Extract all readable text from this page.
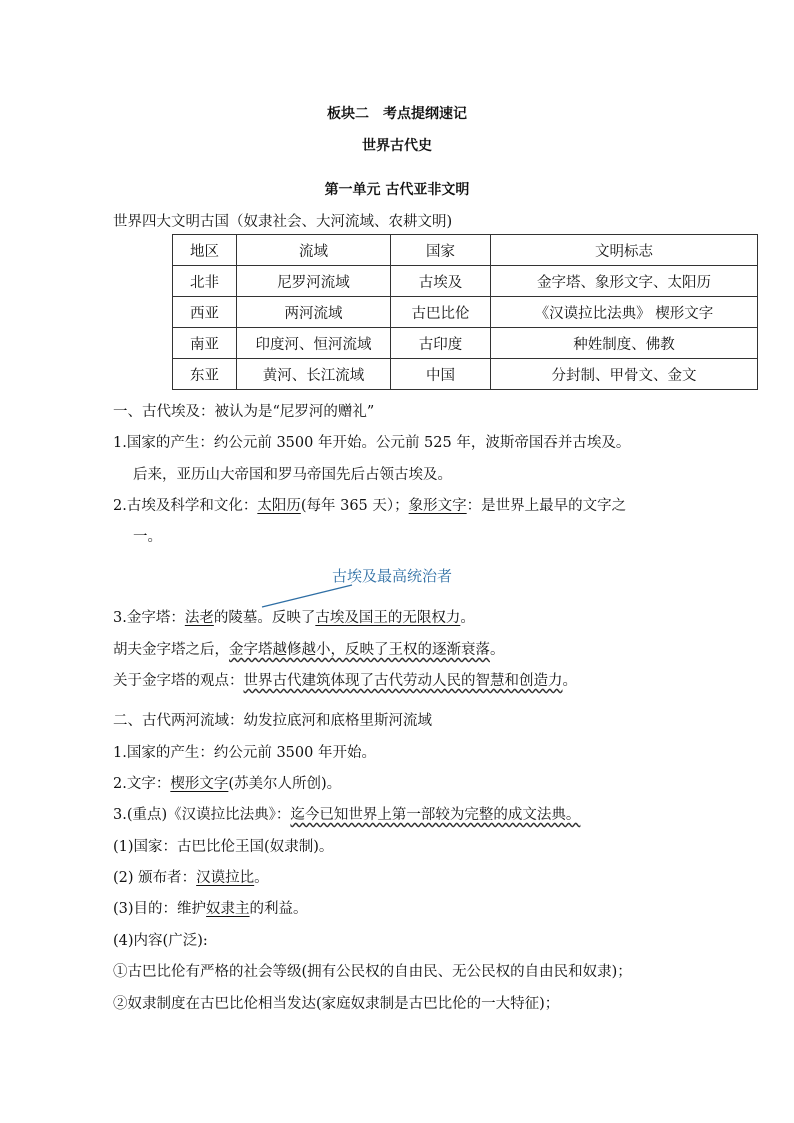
板块二　考点提纲速记
世界古代史
第一单元 古代亚非文明
世界四大文明古国（奴隶社会、大河流域、农耕文明)
地区	流域	国家	文明标志
北非	尼罗河流域	古埃及	金字塔、象形文字、太阳历
西亚	两河流域	古巴比伦	《汉谟拉比法典》 楔形文字
南亚	印度河、恒河流域	古印度	种姓制度、佛教
东亚	黄河、长江流域	中国	分封制、甲骨文、金文
一、古代埃及：被认为是“尼罗河的赠礼”
1.国家的产生：约公元前 3500 年开始。公元前 525 年，波斯帝国吞并古埃及。
后来，亚历山大帝国和罗马帝国先后占领古埃及。
2.古埃及科学和文化：太阳历(每年 365 天）；象形文字：是世界上最早的文字之
一。
古埃及最高统治者
3.金字塔：法老的陵墓。反映了古埃及国王的无限权力。
胡夫金字塔之后，金字塔越修越小，反映了王权的逐渐衰落。
关于金字塔的观点：世界古代建筑体现了古代劳动人民的智慧和创造力。
二、古代两河流域：幼发拉底河和底格里斯河流域
1.国家的产生：约公元前 3500 年开始。
2.文字：楔形文字(苏美尔人所创)。
3.(重点)《汉谟拉比法典》：迄今已知世界上第一部较为完整的成文法典。
(1)国家：古巴比伦王国(奴隶制)。
(2) 颁布者：汉谟拉比。
(3)目的：维护奴隶主的利益。
(4)内容(广泛):
①古巴比伦有严格的社会等级(拥有公民权的自由民、无公民权的自由民和奴隶)；
②奴隶制度在古巴比伦相当发达(家庭奴隶制是古巴比伦的一大特征)；
